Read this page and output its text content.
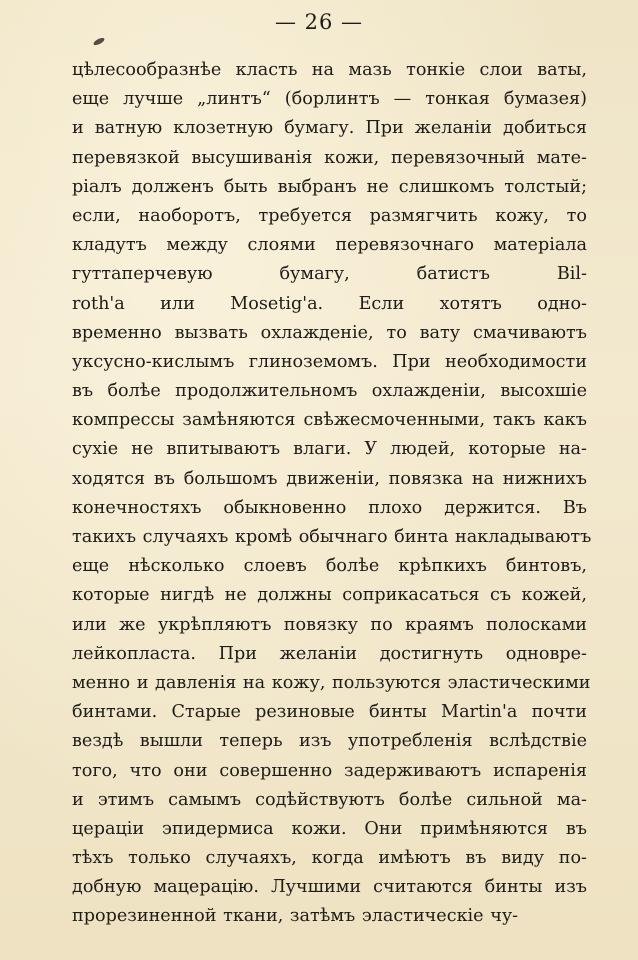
— 26 —
цѣлесообразнѣе класть на мазь тонкiе слои ваты,
еще лучше „линтъ“ (борлинтъ — тонкая бумазея)
и ватную клозетную бумагу. При желанiи добиться
перевязкой высушиванiя кожи, перевязочный мате-
рiалъ долженъ быть выбранъ не слишкомъ толстый;
если, наоборотъ, требуется размягчить кожу, то
кладутъ между слоями перевязочнаго матерiала
гуттаперчевую бумагу, батистъ Bil-
roth'а или Mosetig'а. Если хотятъ одно-
временно вызвать охлажденiе, то вату смачиваютъ
уксусно-кислымъ глиноземомъ. При необходимости
въ болѣе продолжительномъ охлажденiи, высохшiе
компрессы замѣняются свѣжесмоченными, такъ какъ
сухiе не впитываютъ влаги. У людей, которые на-
ходятся въ большомъ движенiи, повязка на нижнихъ
конечностяхъ обыкновенно плохо держится. Въ
такихъ случаяхъ кромѣ обычнаго бинта накладываютъ
еще нѣсколько слоевъ болѣе крѣпкихъ бинтовъ,
которые нигдѣ не должны соприкасаться съ кожей,
или же укрѣпляютъ повязку по краямъ полосками
лейкопластa. При желанiи достигнуть одновре-
менно и давленiя на кожу, пользуются эластическими
бинтами. Старые резиновые бинты Martin'а почти
вездѣ вышли теперь изъ употребленiя вслѣдствiе
того, что они совершенно задерживаютъ испаренiя
и этимъ самымъ содѣйствуютъ болѣе сильной ма-
цераціи эпидермиса кожи. Они примѣняются въ
тѣхъ только случаяхъ, когда имѣютъ въ виду по-
добную мацерацiю. Лучшими считаются бинты изъ
прорезиненной ткани, затѣмъ эластическiе чу-
